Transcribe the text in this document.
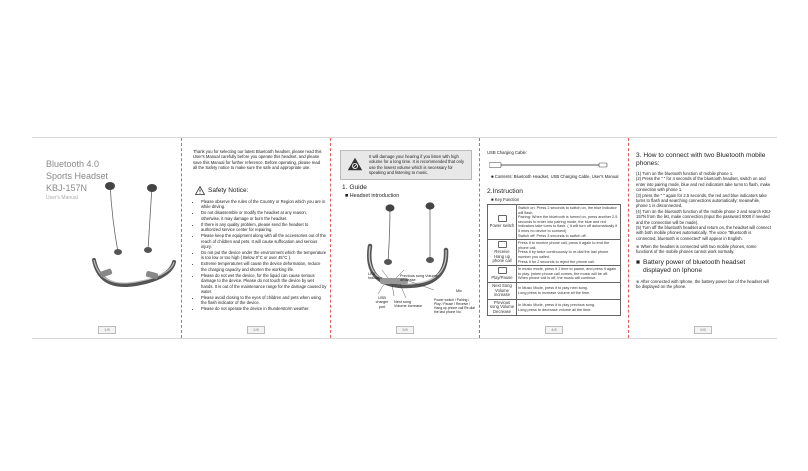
Bluetooth 4.0
Sports Headset
KBJ-157N
User's Manual
1/8
Thank you for selecting our latest Bluetooth headset, please read this User's Manual carefully before you operate this headset, and please save this Manual for further reference. Before operating, please read all the Safety notice to make sure the safe and appropriate use.
Safety Notice:
• Please observe the rules of the Country or Region which you are in while driving.
• Do not disassemble or modify the headset at any reason, otherwise, it may damage or burn the headset.
• If there is any quality problem, please send the headset to authorized service center for repairing.
• Please keep the equipment along with all the accessories out of the reach of children and pets. It will cause suffocation and serious injury.
• Do not put the device under the environment which the temperature is too low or too high ( Below 0°C or over 45°C ).
• Extreme temperatures will cause the device deformation, reduce the charging capacity and shorten the working life.
• Please do not wet the device, for the liquid can cause serious damage to the device. Please do not touch the device by wet hands. It is out of the maintenance range for the damage caused by water.
• Please avoid closing to the eyes of children and pets when using the flash indicator of the device.
• Please do not operate the device in thunderstorm weather.
2/8
It will damage your hearing if you listen with high volume for a long time. It is recommended that only use the lowest volume which is necessary for speaking and listening to music.
1. Guide
■ Headset introduction
LED Indicator
Previous song Volume decrease
Next song Volume increase
USB charger port
Mic
Power switch / Pairing / Play / Pause / Receive / Hang up phone call Re-dial the last phone No.
3/8
USB Charging Cable:
■ Contents: Bluetooth Headset, USB Charging Cable, User's Manual
2.Instruction
■ Key Function

Power switch	Switch on: Press 2 seconds to switch on, the blue indicator will flash.
Pairing: When the bluetooth is turned on, press another 2.5 seconds to enter into pairing mode, the blue and red indicators take turns to flash. ( It will turn off automatically if 5 mins no device to connect)
Switch off: Press 3 seconds to switch off.

Receive Hang up phone call	Press it to receive phone call, press it again to end the phone call.
Press it by twice continuously to re-dial the last phone number you called.
Press it for 2 seconds to reject the phone call.

Play/Pause	In music mode, press it 1 time to pause, and press it again to play. (when phone call comes, the music will be off. When phone call is off, the music will continue.

Next Song Volume increase	In Music Mode, press it to play next song.
Long press to increase volume all the time.

Previous song Volume Decrease	In Music Mode, press it to play previous song.
Long press to decrease volume all the time.
4/8
3. How to connect with two Bluetooth mobile phones:
(1) Turn on the bluetooth function of mobile phone 1.
(2) Press the " " for 4 seconds of the bluetooth headset, switch on and enter into pairing mode, blue and red indicators take turns to flash, make connection with phone 1.
(3) press the " " again for 2.5 seconds, the red and blue indicators take turns to flash and searching connections automatically; meanwhile, phone 1 is disconnected.
(4) Turn on the bluetooth function of the mobile phone 2 and search KBJ-157N from the list, make connection.(Input the password 0000 if needed and the connection will be made).
(5) Turn off the bluetooth headset and return on, the headset will connect with both mobile phones automatically. The voice "Bluetooth is connected, bluetooth is connected" will appear in English.
※ When the headset is connected with two mobile phones, some functions of the mobile phones cannot work normally.
■ Battery power of bluetooth headset displayed on Iphone
※ After connected with Iphone, the battery power bar of the headset will be displayed on the phone.
5/8
